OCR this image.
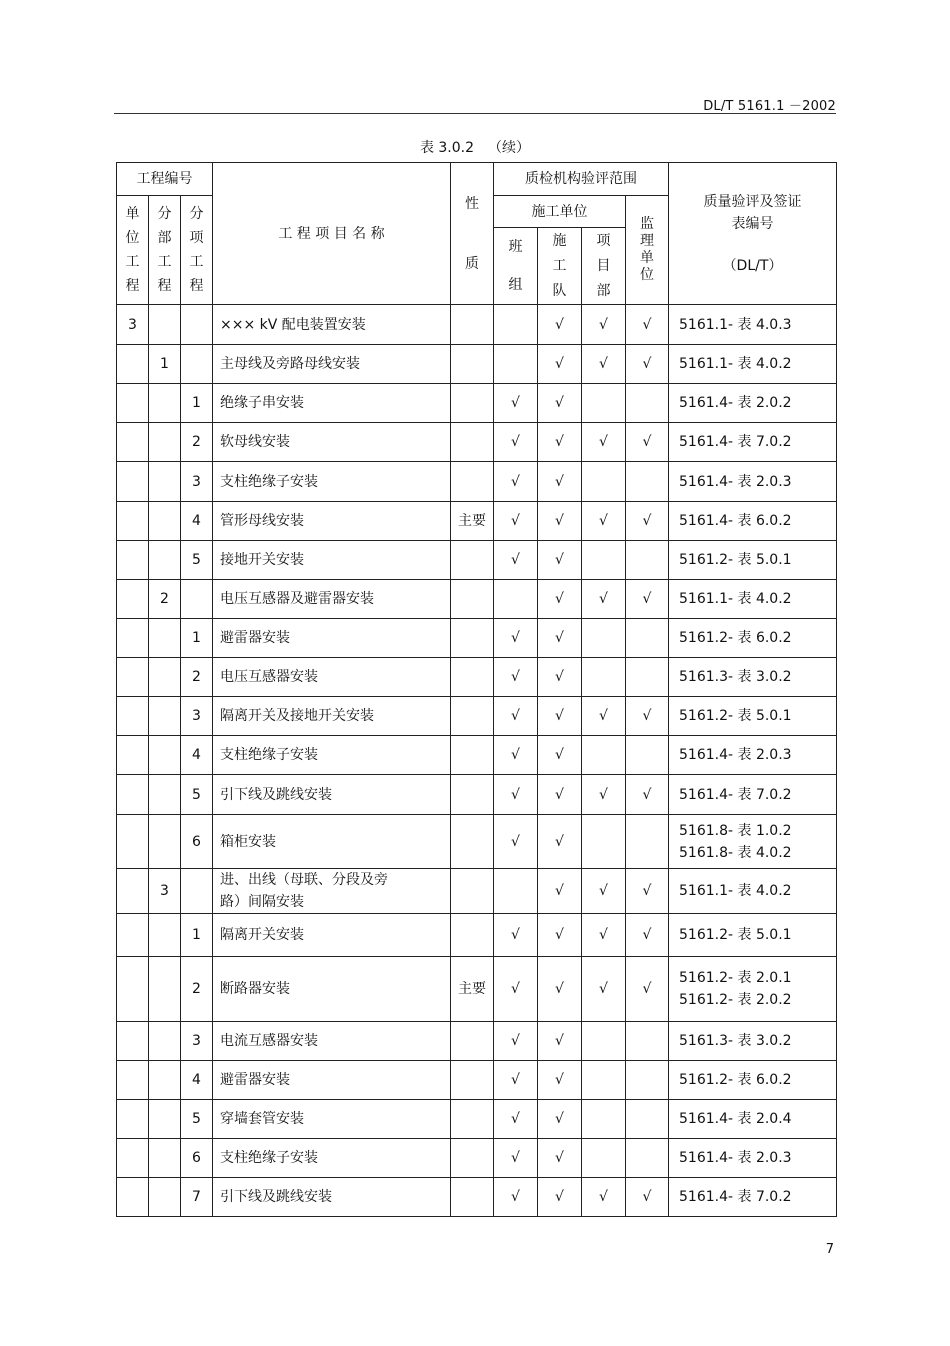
DL/T 5161.1 －2002
表 3.0.2 （续）
工程编号			工 程 项 目 名 称	性
质	质检机构验评范围				质量验评及签证
表编号
（DL/T）

单位工程	分部工程	分项工程			施工单位			监理单位	

					班组	施工队	项目部		

3			××× kV 配电装置安装			√	√	√	5161.1- 表 4.0.3

	1		主母线及旁路母线安装			√	√	√	5161.1- 表 4.0.2

		1	绝缘子串安装		√	√			5161.4- 表 2.0.2

		2	软母线安装		√	√	√	√	5161.4- 表 7.0.2

		3	支柱绝缘子安装		√	√			5161.4- 表 2.0.3

		4	管形母线安装	主要	√	√	√	√	5161.4- 表 6.0.2

		5	接地开关安装		√	√			5161.2- 表 5.0.1

	2		电压互感器及避雷器安装			√	√	√	5161.1- 表 4.0.2

		1	避雷器安装		√	√			5161.2- 表 6.0.2

		2	电压互感器安装		√	√			5161.3- 表 3.0.2

		3	隔离开关及接地开关安装		√	√	√	√	5161.2- 表 5.0.1

		4	支柱绝缘子安装		√	√			5161.4- 表 2.0.3

		5	引下线及跳线安装		√	√	√	√	5161.4- 表 7.0.2

		6	箱柜安装		√	√			5161.8- 表 1.0.2
5161.8- 表 4.0.2

	3		进、出线（母联、分段及旁
路）间隔安装			√	√	√	5161.1- 表 4.0.2

		1	隔离开关安装		√	√	√	√	5161.2- 表 5.0.1

		2	断路器安装	主要	√	√	√	√	5161.2- 表 2.0.1
5161.2- 表 2.0.2

		3	电流互感器安装		√	√			5161.3- 表 3.0.2

		4	避雷器安装		√	√			5161.2- 表 6.0.2

		5	穿墙套管安装		√	√			5161.4- 表 2.0.4

		6	支柱绝缘子安装		√	√			5161.4- 表 2.0.3

		7	引下线及跳线安装		√	√	√	√	5161.4- 表 7.0.2
7
